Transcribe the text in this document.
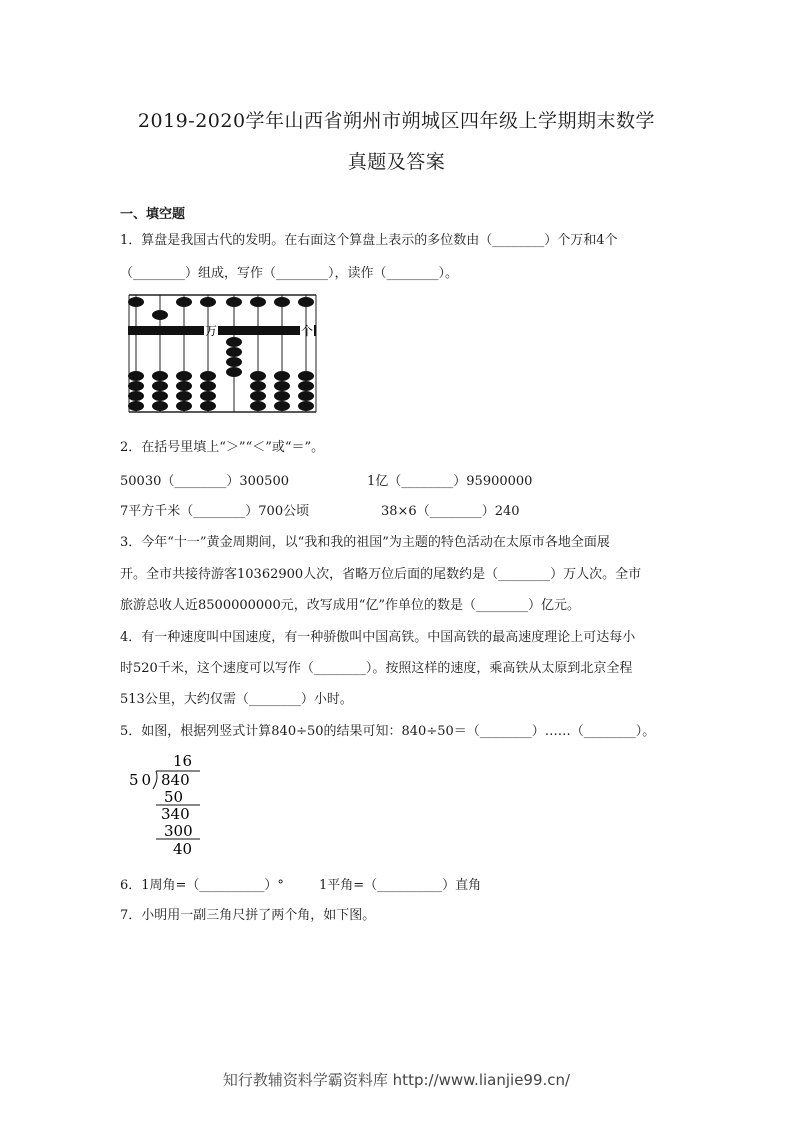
2019-2020学年山西省朔州市朔城区四年级上学期期末数学
真题及答案
一、填空题
1．算盘是我国古代的发明。在右面这个算盘上表示的多位数由（________）个万和4个
（________）组成，写作（________），读作（________）。
万	个
2．在括号里填上“＞”“＜”或“＝”。
50030（________）300500	1亿（________）95900000
7平方千米（________）700公顷	38×6（________）240
3．今年“十一”黄金周期间，以“我和我的祖国”为主题的特色活动在太原市各地全面展
开。全市共接待游客10362900人次，省略万位后面的尾数约是（________）万人次。全市
旅游总收人近8500000000元，改写成用“亿”作单位的数是（________）亿元。
4．有一种速度叫中国速度，有一种骄傲叫中国高铁。中国高铁的最高速度理论上可达每小
时520千米，这个速度可以写作（________）。按照这样的速度，乘高铁从太原到北京全程
513公里，大约仅需（________）小时。
5．如图，根据列竖式计算840÷50的结果可知：840÷50＝（________）……（________）。
16
50 840
50
340
300
40
6．1周角=（__________）°	1平角=（__________）直角
7．小明用一副三角尺拼了两个角，如下图。
知行教辅资料学霸资料库 http://www.lianjie99.cn/
